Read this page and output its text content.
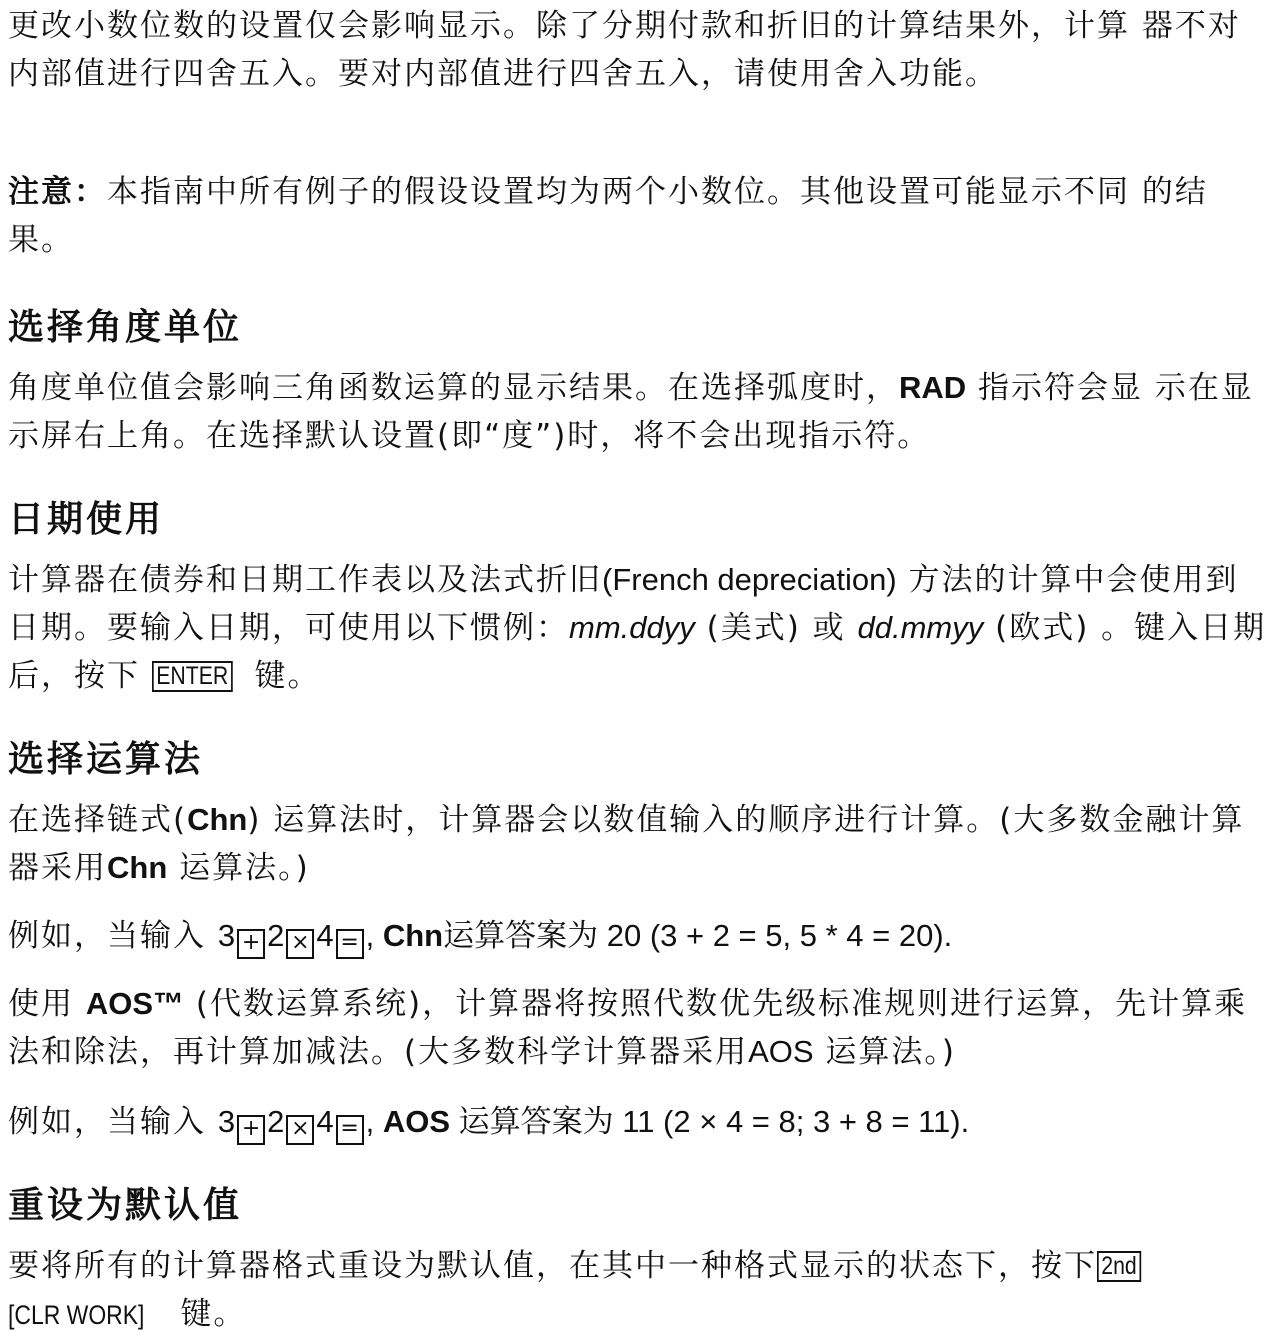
更改小数位数的设置仅会影响显示。除了分期付款和折旧的计算结果外，计算 器不对内部值进行四舍五入。要对内部值进行四舍五入，请使用舍入功能。

注意：本指南中所有例子的假设设置均为两个小数位。其他设置可能显示不同 的结果。

选择角度单位

角度单位值会影响三角函数运算的显示结果。在选择弧度时，RAD 指示符会显 示在显示屏右上角。在选择默认设置(即“度”)时，将不会出现指示符。

日期使用

计算器在债券和日期工作表以及法式折旧(French depreciation) 方法的计算中会使用到日期。要输入日期，可使用以下惯例：mm.ddyy (美式) 或 dd.mmyy (欧式) 。键入日期后，按下 ENTER 键。

选择运算法

在选择链式(Chn) 运算法时，计算器会以数值输入的顺序进行计算。(大多数金融计算器采用Chn 运算法。)

例如，当输入 3 + 2 × 4 = , Chn运算答案为 20 (3 + 2 = 5, 5 * 4 = 20).

使用 AOS™ (代数运算系统)，计算器将按照代数优先级标准规则进行运算，先计算乘法和除法，再计算加减法。(大多数科学计算器采用AOS 运算法。)

例如，当输入 3 + 2 × 4 = , AOS 运算答案为 11 (2 × 4 = 8; 3 + 8 = 11).

重设为默认值

要将所有的计算器格式重设为默认值，在其中一种格式显示的状态下，按下 2nd [CLR WORK] 键。
